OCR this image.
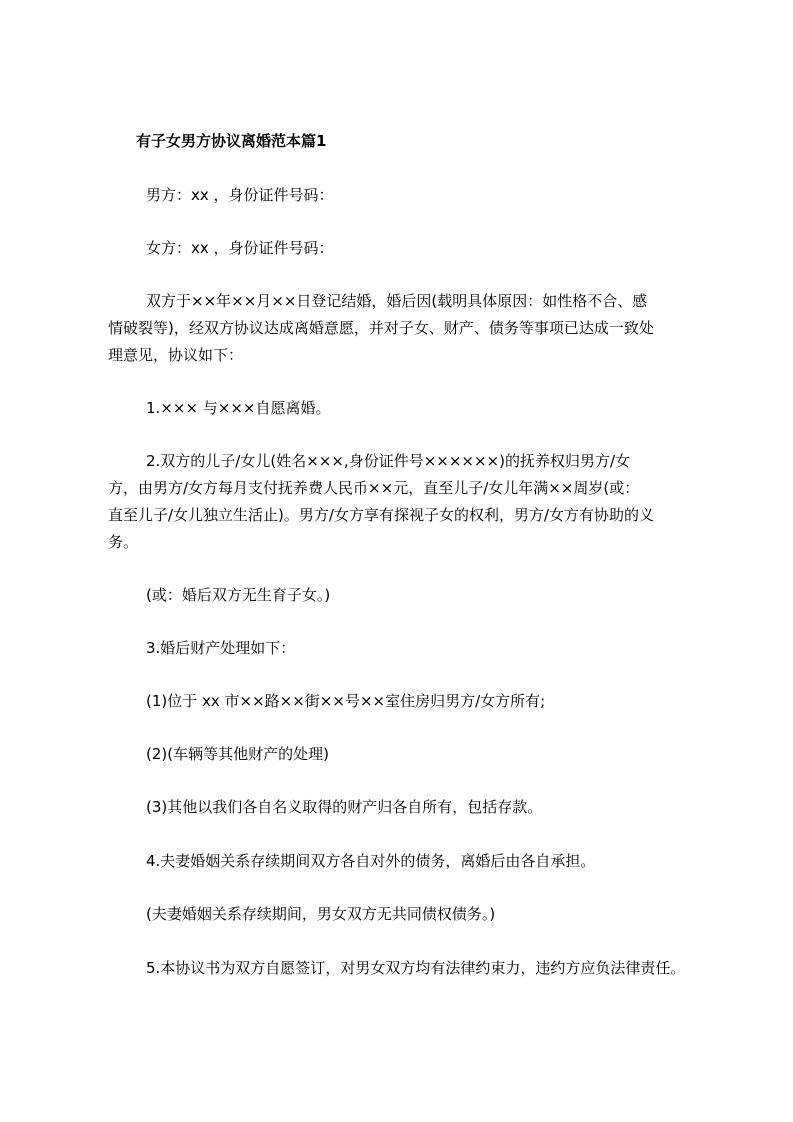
有子女男方协议离婚范本篇1
男方：xx ，身份证件号码：
女方：xx ，身份证件号码：
双方于××年××月××日登记结婚，婚后因(载明具体原因：如性格不合、感
情破裂等)，经双方协议达成离婚意愿，并对子女、财产、债务等事项已达成一致处
理意见，协议如下：
1.××× 与×××自愿离婚。
2.双方的儿子/女儿(姓名×××,身份证件号××××××)的抚养权归男方/女
方，由男方/女方每月支付抚养费人民币××元，直至儿子/女儿年满××周岁(或：
直至儿子/女儿独立生活止)。男方/女方享有探视子女的权利，男方/女方有协助的义
务。
(或：婚后双方无生育子女。)
3.婚后财产处理如下：
(1)位于 xx 市××路××街××号××室住房归男方/女方所有;
(2)(车辆等其他财产的处理)
(3)其他以我们各自名义取得的财产归各自所有，包括存款。
4.夫妻婚姻关系存续期间双方各自对外的债务，离婚后由各自承担。
(夫妻婚姻关系存续期间，男女双方无共同债权债务。)
5.本协议书为双方自愿签订，对男女双方均有法律约束力，违约方应负法律责任。
